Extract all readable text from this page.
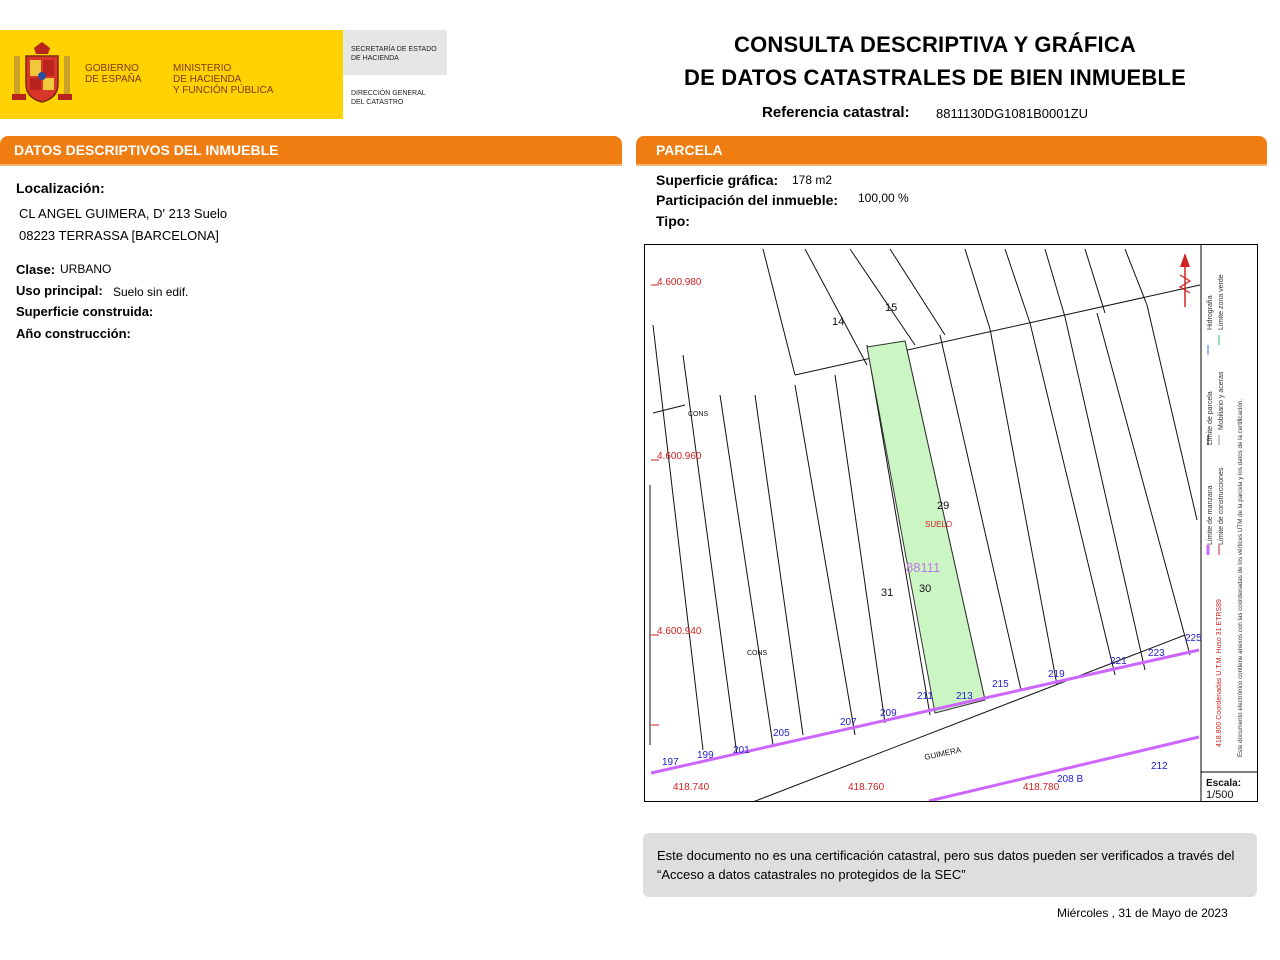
GOBIERNO
DE ESPAÑA
MINISTERIO
DE HACIENDA
Y FUNCIÓN PÚBLICA
SECRETARÍA DE ESTADO
DE HACIENDA
DIRECCIÓN GENERAL
DEL CATASTRO
CONSULTA DESCRIPTIVA Y GRÁFICA
DE DATOS CATASTRALES DE BIEN INMUEBLE
Referencia catastral: 8811130DG1081B0001ZU
DATOS DESCRIPTIVOS DEL INMUEBLE	PARCELA
Localización:
CL ANGEL GUIMERA, D' 213 Suelo
08223 TERRASSA [BARCELONA]
Clase: URBANO
Uso principal: Suelo sin edif.
Superficie construida:
Año construcción:
Superficie gráfica: 178 m2
Participación del inmueble: 100,00 %
Tipo:
4.600.980
4.600.960
4.600.940
418.740	418.760	418.780
14
15
29
31 30
88111
SUELO
CONS
CONS
197
199 201
205
207
209
211 213
215
219
221
223
225
208 B
212
GUIMERA
Límite de manzana
Límite de parcela
Hidrografía
Límite de construcciones
Mobiliario y aceras
Límite zona verde
418.800 Coordenadas U.T.M. Huso 31 ETRS89 Este documento electrónico contiene anexos con las coordenadas de los vértices UTM de la parcela y los datos de la certificación.
Escala:
1/500
Este documento no es una certificación catastral, pero sus datos pueden ser verificados a través del “Acceso a datos catastrales no protegidos de la SEC”
Miércoles , 31 de Mayo de 2023
